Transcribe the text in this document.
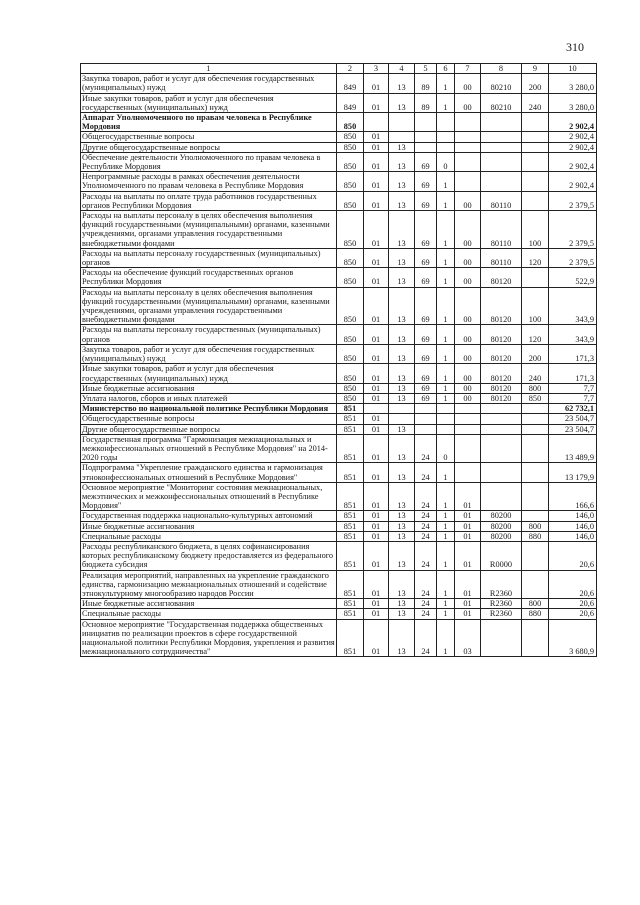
310
1	2	3	4	5	6	7	8	9	10
Закупка товаров, работ и услуг для обеспечения государственных (муниципальных) нужд	849	01	13	89	1	00	80210	200	3 280,0
Иные закупки товаров, работ и услуг для обеспечения государственных (муниципальных) нужд	849	01	13	89	1	00	80210	240	3 280,0
Аппарат Уполномоченного по правам человека в Республике Мордовия	850								2 902,4
Общегосударственные вопросы	850	01							2 902,4
Другие общегосударственные вопросы	850	01	13						2 902,4
Обеспечение деятельности Уполномоченного по правам человека в Республике Мордовия	850	01	13	69	0				2 902,4
Непрограммные расходы в рамках обеспечения деятельности Уполномоченного по правам человека в Республике Мордовия	850	01	13	69	1				2 902,4
Расходы на выплаты по оплате труда работников государственных органов Республики Мордовия	850	01	13	69	1	00	80110		2 379,5
Расходы на выплаты персоналу в целях обеспечения выполнения функций государственными (муниципальными) органами, казенными учреждениями, органами управления государственными внебюджетными фондами	850	01	13	69	1	00	80110	100	2 379,5
Расходы на выплаты персоналу государственных (муниципальных) органов	850	01	13	69	1	00	80110	120	2 379,5
Расходы на обеспечение функций государственных органов Республики Мордовия	850	01	13	69	1	00	80120		522,9
Расходы на выплаты персоналу в целях обеспечения выполнения функций государственными (муниципальными) органами, казенными учреждениями, органами управления государственными внебюджетными фондами	850	01	13	69	1	00	80120	100	343,9
Расходы на выплаты персоналу государственных (муниципальных) органов	850	01	13	69	1	00	80120	120	343,9
Закупка товаров, работ и услуг для обеспечения государственных (муниципальных) нужд	850	01	13	69	1	00	80120	200	171,3
Иные закупки товаров, работ и услуг для обеспечения государственных (муниципальных) нужд	850	01	13	69	1	00	80120	240	171,3
Иные бюджетные ассигнования	850	01	13	69	1	00	80120	800	7,7
Уплата налогов, сборов и иных платежей	850	01	13	69	1	00	80120	850	7,7
Министерство по национальной политике Республики Мордовия	851								62 732,1
Общегосударственные вопросы	851	01							23 504,7
Другие общегосударственные вопросы	851	01	13						23 504,7
Государственная программа "Гармонизация межнациональных и межконфессиональных отношений в Республике Мордовия" на 2014-2020 годы	851	01	13	24	0				13 489,9
Подпрограмма "Укрепление гражданского единства и гармонизация этноконфессиональных отношений в Республике Мордовия"	851	01	13	24	1				13 179,9
Основное мероприятие "Мониторинг состояния межнациональных, межэтнических и межконфессиональных отношений в Республике Мордовия"	851	01	13	24	1	01			166,6
Государственная поддержка национально-культурных автономий	851	01	13	24	1	01	80200		146,0
Иные бюджетные ассигнования	851	01	13	24	1	01	80200	800	146,0
Специальные расходы	851	01	13	24	1	01	80200	880	146,0
Расходы республиканского бюджета, в целях софинансирования которых республиканскому бюджету предоставляется из федерального бюджета субсидия	851	01	13	24	1	01	R0000		20,6
Реализация мероприятий, направленных на укрепление гражданского единства, гармонизацию межнациональных отношений и содействие этнокультурному многообразию народов России	851	01	13	24	1	01	R2360		20,6
Иные бюджетные ассигнования	851	01	13	24	1	01	R2360	800	20,6
Специальные расходы	851	01	13	24	1	01	R2360	880	20,6
Основное мероприятие "Государственная поддержка общественных инициатив по реализации проектов в сфере государственной национальной политики Республики Мордовия, укрепления и развития межнационального сотрудничества"	851	01	13	24	1	03			3 680,9
